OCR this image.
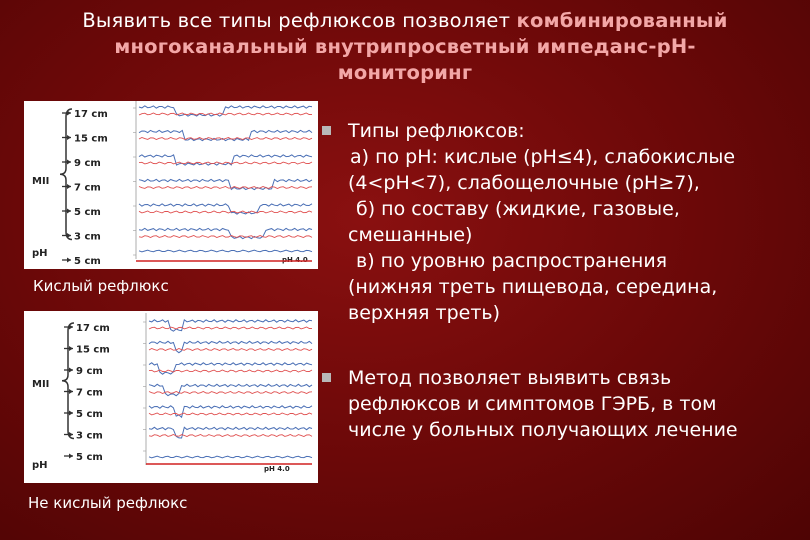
Выявить все типы рефлюксов позволяет комбинированный
многоканальный внутрипросветный импеданс-pH-
мониторинг
MII
pH
pH 4.0
17 cm
15 cm
9 cm
7 cm
5 cm
3 cm
5 cm
Кислый рефлюкс
MII
pH	pH 4.0
17 cm
15 cm
9 cm
7 cm
5 cm
3 cm
5 cm
Не кислый рефлюкс
Типы рефлюксов:
а) по pH: кислые (pH≤4), слабокислые
(4<pH<7), слабощелочные (pH≥7),
б) по составу (жидкие, газовые,
смешанные)
в) по уровню распространения
(нижняя треть пищевода, середина,
верхняя треть)
Метод позволяет выявить связь
рефлюксов и симптомов ГЭРБ, в том
числе у больных получающих лечение
